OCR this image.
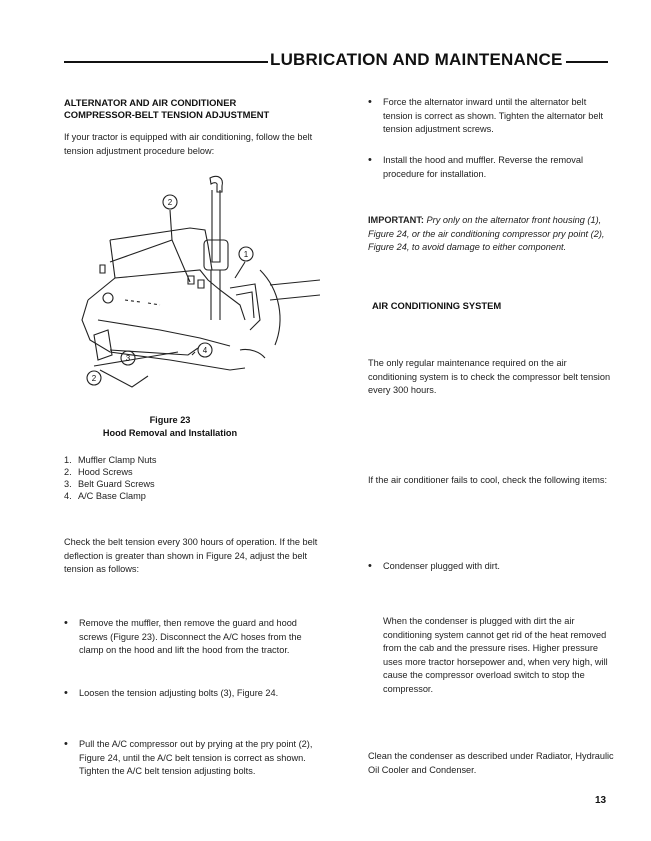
LUBRICATION AND MAINTENANCE
ALTERNATOR AND AIR CONDITIONER
COMPRESSOR-BELT TENSION ADJUSTMENT
If your tractor is equipped with air conditioning, follow the belt tension adjustment procedure below:
2
1
3
4
2
Figure 23
Hood Removal and Installation
1. Muffler Clamp Nuts
2. Hood Screws
3. Belt Guard Screws
4. A/C Base Clamp
Check the belt tension every 300 hours of operation. If the belt deflection is greater than shown in Figure 24, adjust the belt tension as follows:
• Remove the muffler, then remove the guard and hood screws (Figure 23). Disconnect the A/C hoses from the clamp on the hood and lift the hood from the tractor.
• Loosen the tension adjusting bolts (3), Figure 24.
• Pull the A/C compressor out by prying at the pry point (2), Figure 24, until the A/C belt tension is correct as shown. Tighten the A/C belt tension adjusting bolts.
• Force the alternator inward until the alternator belt tension is correct as shown. Tighten the alternator belt tension adjustment screws.
• Install the hood and muffler. Reverse the removal procedure for installation.
IMPORTANT: Pry only on the alternator front housing (1), Figure 24, or the air conditioning compressor pry point (2), Figure 24, to avoid damage to either component.
AIR CONDITIONING SYSTEM
The only regular maintenance required on the air conditioning system is to check the compressor belt tension every 300 hours.
If the air conditioner fails to cool, check the following items:
• Condenser plugged with dirt.
When the condenser is plugged with dirt the air conditioning system cannot get rid of the heat removed from the cab and the pressure rises. Higher pressure uses more tractor horsepower and, when very high, will cause the compressor overload switch to stop the compressor.
Clean the condenser as described under Radiator, Hydraulic Oil Cooler and Condenser.
13
